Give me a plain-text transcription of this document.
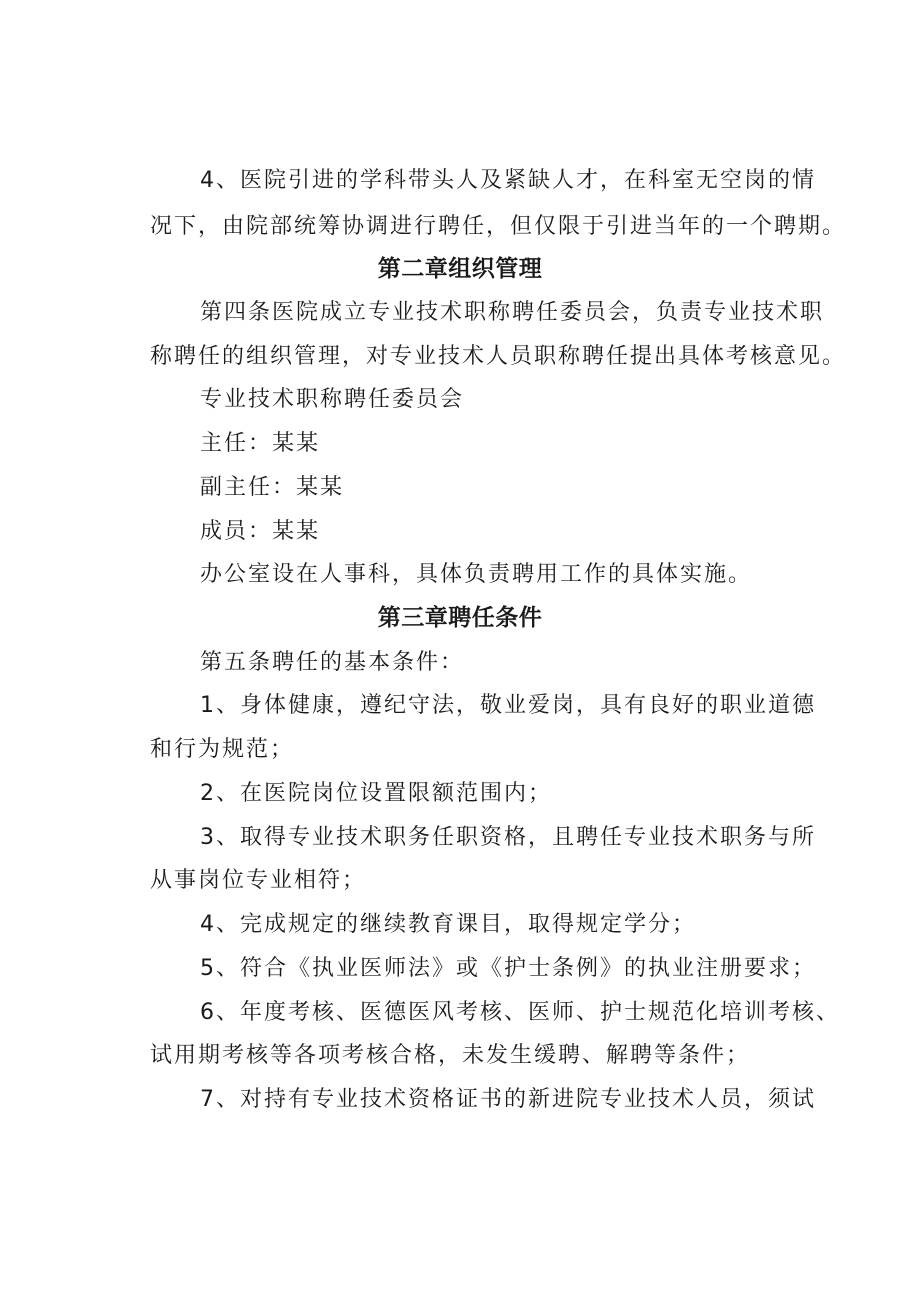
4、医院引进的学科带头人及紧缺人才，在科室无空岗的情
况下，由院部统筹协调进行聘任，但仅限于引进当年的一个聘期。
第二章组织管理
第四条医院成立专业技术职称聘任委员会，负责专业技术职
称聘任的组织管理，对专业技术人员职称聘任提出具体考核意见。
专业技术职称聘任委员会
主任：某某
副主任：某某
成员：某某
办公室设在人事科，具体负责聘用工作的具体实施。
第三章聘任条件
第五条聘任的基本条件：
1、身体健康，遵纪守法，敬业爱岗，具有良好的职业道德
和行为规范；
2、在医院岗位设置限额范围内；
3、取得专业技术职务任职资格，且聘任专业技术职务与所
从事岗位专业相符；
4、完成规定的继续教育课目，取得规定学分；
5、符合《执业医师法》或《护士条例》的执业注册要求；
6、年度考核、医德医风考核、医师、护士规范化培训考核、
试用期考核等各项考核合格，未发生缓聘、解聘等条件；
7、对持有专业技术资格证书的新进院专业技术人员，须试
